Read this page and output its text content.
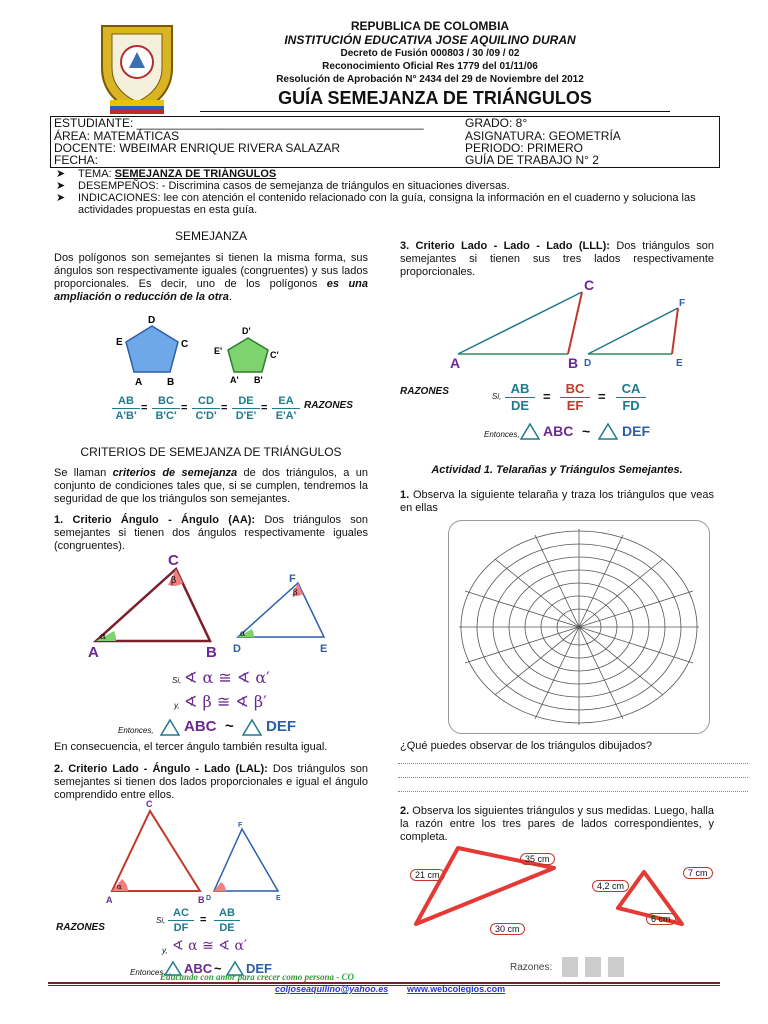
REPUBLICA DE COLOMBIA
INSTITUCIÓN EDUCATIVA JOSE AQUILINO DURAN
Decreto de Fusión 000803 / 30 /09 / 02
Reconocimiento Oficial Res 1779 del 01/11/06
Resolución de Aprobación N° 2434 del 29 de Noviembre del 2012
GUÍA SEMEJANZA DE TRIÁNGULOS
ESTUDIANTE: ___________________________________________	GRADO: 8°
ÁREA: MATEMÁTICAS	ASIGNATURA: GEOMETRÍA
DOCENTE: WBEIMAR ENRIQUE RIVERA SALAZAR	PERIODO: PRIMERO
FECHA:	GUÍA DE TRABAJO N° 2
➤ TEMA: SEMEJANZA DE TRIÁNGULOS
➤ DESEMPEÑOS: - Discrimina casos de semejanza de triángulos en situaciones diversas.
➤ INDICACIONES: lee con atención el contenido relacionado con la guía, consigna la información en el cuaderno y soluciona las actividades propuestas en esta guía.
SEMEJANZA
Dos polígonos son semejantes si tienen la misma forma, sus ángulos son respectivamente iguales (congruentes) y sus lados proporcionales. Es decir, uno de los polígonos es una ampliación o reducción de la otra.
D
E	C
A B
D'
E'	C'
A' B'
$\frac{AB}{A'B'} = \frac{BC}{B'C'} = \frac{CD}{C'D'} = \frac{DE}{D'E'} = \frac{EA}{E'A'}$ RAZONES
CRITERIOS DE SEMEJANZA DE TRIÁNGULOS
Se llaman criterios de semejanza de dos triángulos, a un conjunto de condiciones tales que, si se cumplen, tendremos la seguridad de que los triángulos son semejantes.
1. Criterio Ángulo - Ángulo (AA): Dos triángulos son semejantes si tienen dos ángulos respectivamente iguales (congruentes).
α
β
α
β
C
A	B
F
D	E
Si, ∢ α ≅ ∢ α′
y, ∢ β ≅ ∢ β′
Entonces, ABC ~ DEF
En consecuencia, el tercer ángulo también resulta igual.
2. Criterio Lado - Ángulo - Lado (LAL): Dos triángulos son semejantes si tienen dos lados proporcionales e igual el ángulo comprendido entre ellos.
α
C
A	B
F
D	E
RAZONES
Si, $\frac{AC}{DF} = \frac{AB}{DE}$
y, ∢ α ≅ ∢ α′
Entonces, ABC ~ DEF
3. Criterio Lado - Lado - Lado (LLL): Dos triángulos son semejantes si tienen sus tres lados respectivamente proporcionales.
C
A	B
F
D	E
RAZONES	Si, $\frac{AB}{DE} = \frac{BC}{EF} = \frac{CA}{FD}$
Entonces, ABC ~ DEF
Actividad 1. Telarañas y Triángulos Semejantes.
1. Observa la siguiente telaraña y traza los triángulos que veas en ellas
¿Qué puedes observar de los triángulos dibujados?
2. Observa los siguientes triángulos y sus medidas. Luego, halla la razón entre los tres pares de lados correspondientes, y completa.
21 cm
35 cm
30 cm
4,2 cm
7 cm
6 cm
Razones:
Educando con amor para crecer como persona - CO
coljoseaquilino@yahoo.es www.webcolegios.com
